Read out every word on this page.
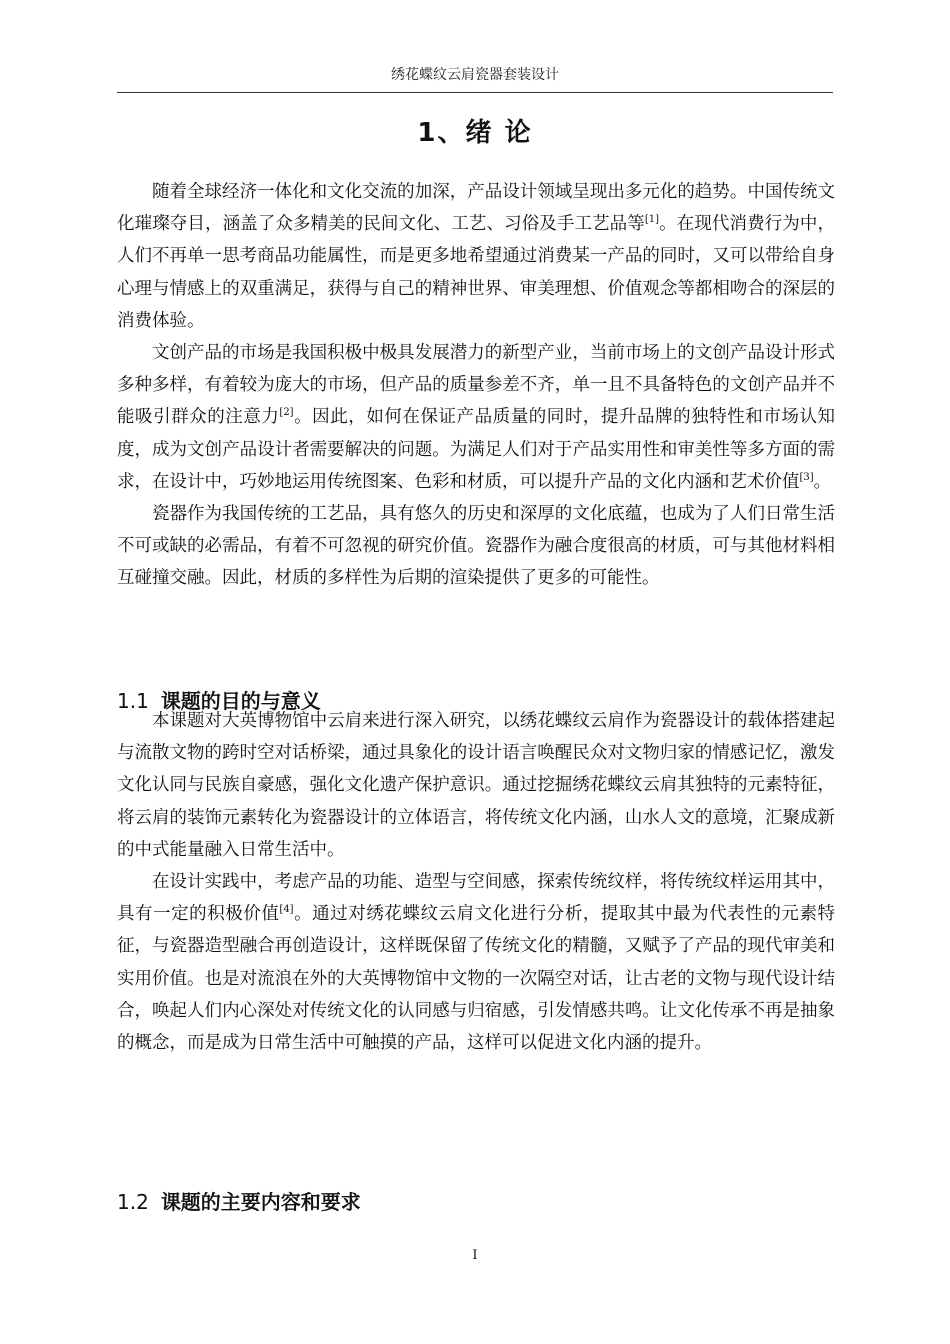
绣花蝶纹云肩瓷器套装设计
1、绪 论

随着全球经济一体化和文化交流的加深，产品设计领域呈现出多元化的趋势。中国传统文化璀璨夺目，涵盖了众多精美的民间文化、工艺、习俗及手工艺品等[1]。在现代消费行为中，人们不再单一思考商品功能属性，而是更多地希望通过消费某一产品的同时，又可以带给自身心理与情感上的双重满足，获得与自己的精神世界、审美理想、价值观念等都相吻合的深层的消费体验。

文创产品的市场是我国积极中极具发展潜力的新型产业，当前市场上的文创产品设计形式多种多样，有着较为庞大的市场，但产品的质量参差不齐，单一且不具备特色的文创产品并不能吸引群众的注意力[2]。因此，如何在保证产品质量的同时，提升品牌的独特性和市场认知度，成为文创产品设计者需要解决的问题。为满足人们对于产品实用性和审美性等多方面的需求，在设计中，巧妙地运用传统图案、色彩和材质，可以提升产品的文化内涵和艺术价值[3]。

瓷器作为我国传统的工艺品，具有悠久的历史和深厚的文化底蕴，也成为了人们日常生活不可或缺的必需品，有着不可忽视的研究价值。瓷器作为融合度很高的材质，可与其他材料相互碰撞交融。因此，材质的多样性为后期的渲染提供了更多的可能性。

1.1 课题的目的与意义

本课题对大英博物馆中云肩来进行深入研究，以绣花蝶纹云肩作为瓷器设计的载体搭建起与流散文物的跨时空对话桥梁，通过具象化的设计语言唤醒民众对文物归家的情感记忆，激发文化认同与民族自豪感，强化文化遗产保护意识。通过挖掘绣花蝶纹云肩其独特的元素特征，将云肩的装饰元素转化为瓷器设计的立体语言，将传统文化内涵，山水人文的意境，汇聚成新的中式能量融入日常生活中。

在设计实践中，考虑产品的功能、造型与空间感，探索传统纹样，将传统纹样运用其中，具有一定的积极价值[4]。通过对绣花蝶纹云肩文化进行分析，提取其中最为代表性的元素特征，与瓷器造型融合再创造设计，这样既保留了传统文化的精髓，又赋予了产品的现代审美和实用价值。也是对流浪在外的大英博物馆中文物的一次隔空对话，让古老的文物与现代设计结合，唤起人们内心深处对传统文化的认同感与归宿感，引发情感共鸣。让文化传承不再是抽象的概念，而是成为日常生活中可触摸的产品，这样可以促进文化内涵的提升。

1.2 课题的主要内容和要求
I
